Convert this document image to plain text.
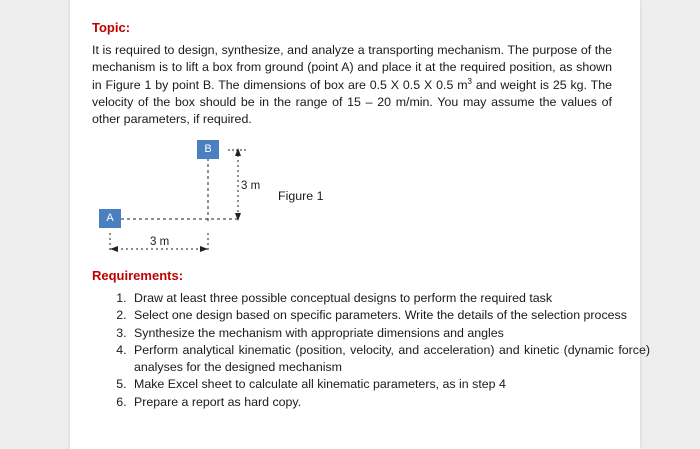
Topic:
It is required to design, synthesize, and analyze a transporting mechanism. The purpose of the mechanism is to lift a box from ground (point A) and place it at the required position, as shown in Figure 1 by point B. The dimensions of box are 0.5 X 0.5 X 0.5 $m^3$ and weight is 25 kg. The velocity of the box should be in the range of 15 – 20 m/min. You may assume the values of other parameters, if required.
B
A
3 m
3 m
Figure 1
Requirements:
1. Draw at least three possible conceptual designs to perform the required task
2. Select one design based on specific parameters. Write the details of the selection process
3. Synthesize the mechanism with appropriate dimensions and angles
4. Perform analytical kinematic (position, velocity, and acceleration) and kinetic (dynamic force) analyses for the designed mechanism
5. Make Excel sheet to calculate all kinematic parameters, as in step 4
6. Prepare a report as hard copy.
